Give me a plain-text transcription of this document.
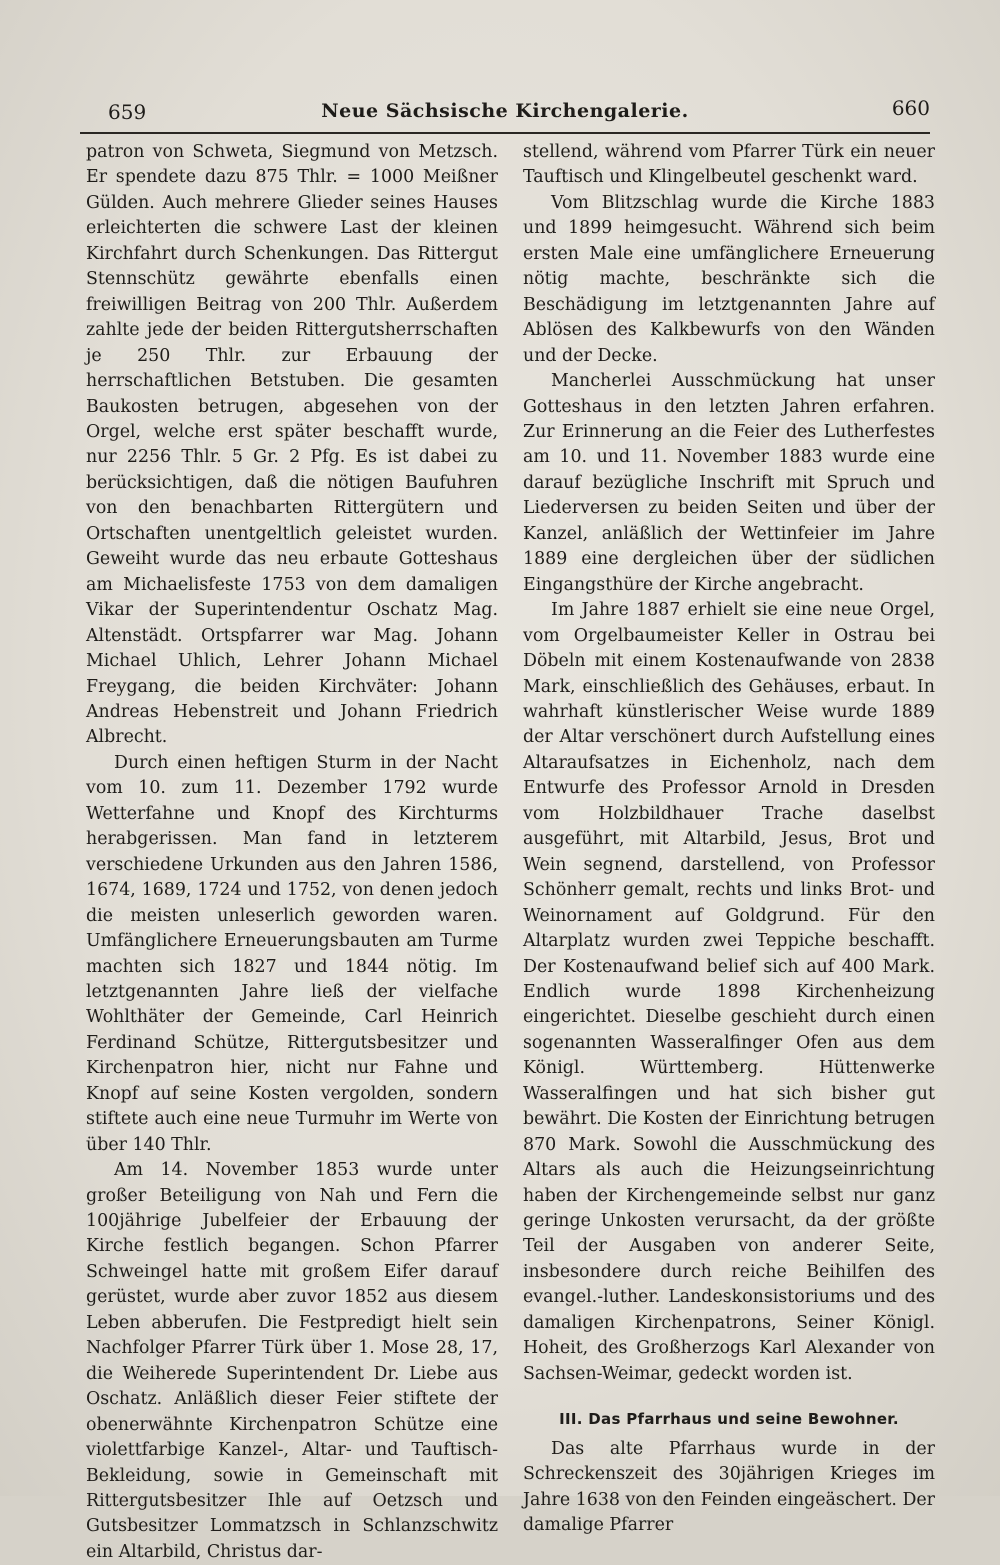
659	Neue Sächsische Kirchengalerie.	660

patron von Schweta, Siegmund von Metzsch. Er spendete dazu 875 Thlr. = 1000 Meißner Gülden. Auch mehrere Glieder seines Hauses erleichterten die schwere Last der kleinen Kirchfahrt durch Schenkungen. Das Rittergut Stennschütz gewährte ebenfalls einen freiwilligen Beitrag von 200 Thlr. Außerdem zahlte jede der beiden Rittergutsherrschaften je 250 Thlr. zur Erbauung der herrschaftlichen Betstuben. Die gesamten Baukosten betrugen, abgesehen von der Orgel, welche erst später beschafft wurde, nur 2256 Thlr. 5 Gr. 2 Pfg. Es ist dabei zu berücksichtigen, daß die nötigen Baufuhren von den benachbarten Rittergütern und Ortschaften unentgeltlich geleistet wurden. Geweiht wurde das neu erbaute Gotteshaus am Michaelisfeste 1753 von dem damaligen Vikar der Superintendentur Oschatz Mag. Altenstädt. Ortspfarrer war Mag. Johann Michael Uhlich, Lehrer Johann Michael Freygang, die beiden Kirchväter: Johann Andreas Hebenstreit und Johann Friedrich Albrecht.

Durch einen heftigen Sturm in der Nacht vom 10. zum 11. Dezember 1792 wurde Wetterfahne und Knopf des Kirchturms herabgerissen. Man fand in letzterem verschiedene Urkunden aus den Jahren 1586, 1674, 1689, 1724 und 1752, von denen jedoch die meisten unleserlich geworden waren. Umfänglichere Erneuerungsbauten am Turme machten sich 1827 und 1844 nötig. Im letztgenannten Jahre ließ der vielfache Wohlthäter der Gemeinde, Carl Heinrich Ferdinand Schütze, Rittergutsbesitzer und Kirchenpatron hier, nicht nur Fahne und Knopf auf seine Kosten vergolden, sondern stiftete auch eine neue Turmuhr im Werte von über 140 Thlr.

Am 14. November 1853 wurde unter großer Beteiligung von Nah und Fern die 100jährige Jubelfeier der Erbauung der Kirche festlich begangen. Schon Pfarrer Schweingel hatte mit großem Eifer darauf gerüstet, wurde aber zuvor 1852 aus diesem Leben abberufen. Die Festpredigt hielt sein Nachfolger Pfarrer Türk über 1. Mose 28, 17, die Weiherede Superintendent Dr. Liebe aus Oschatz. Anläßlich dieser Feier stiftete der obenerwähnte Kirchenpatron Schütze eine violettfarbige Kanzel-, Altar- und Tauftisch-Bekleidung, sowie in Gemeinschaft mit Rittergutsbesitzer Ihle auf Oetzsch und Gutsbesitzer Lommatzsch in Schlanzschwitz ein Altarbild, Christus dar-

stellend, während vom Pfarrer Türk ein neuer Tauftisch und Klingelbeutel geschenkt ward.

Vom Blitzschlag wurde die Kirche 1883 und 1899 heimgesucht. Während sich beim ersten Male eine umfänglichere Erneuerung nötig machte, beschränkte sich die Beschädigung im letztgenannten Jahre auf Ablösen des Kalkbewurfs von den Wänden und der Decke.

Mancherlei Ausschmückung hat unser Gotteshaus in den letzten Jahren erfahren. Zur Erinnerung an die Feier des Lutherfestes am 10. und 11. November 1883 wurde eine darauf bezügliche Inschrift mit Spruch und Liederversen zu beiden Seiten und über der Kanzel, anläßlich der Wettinfeier im Jahre 1889 eine dergleichen über der südlichen Eingangsthüre der Kirche angebracht.

Im Jahre 1887 erhielt sie eine neue Orgel, vom Orgelbaumeister Keller in Ostrau bei Döbeln mit einem Kostenaufwande von 2838 Mark, einschließlich des Gehäuses, erbaut. In wahrhaft künstlerischer Weise wurde 1889 der Altar verschönert durch Aufstellung eines Altaraufsatzes in Eichenholz, nach dem Entwurfe des Professor Arnold in Dresden vom Holzbildhauer Trache daselbst ausgeführt, mit Altarbild, Jesus, Brot und Wein segnend, darstellend, von Professor Schönherr gemalt, rechts und links Brot- und Weinornament auf Goldgrund. Für den Altarplatz wurden zwei Teppiche beschafft. Der Kostenaufwand belief sich auf 400 Mark. Endlich wurde 1898 Kirchenheizung eingerichtet. Dieselbe geschieht durch einen sogenannten Wasseralfinger Ofen aus dem Königl. Württemberg. Hüttenwerke Wasseralfingen und hat sich bisher gut bewährt. Die Kosten der Einrichtung betrugen 870 Mark. Sowohl die Ausschmückung des Altars als auch die Heizungseinrichtung haben der Kirchengemeinde selbst nur ganz geringe Unkosten verursacht, da der größte Teil der Ausgaben von anderer Seite, insbesondere durch reiche Beihilfen des evangel.-luther. Landeskonsistoriums und des damaligen Kirchenpatrons, Seiner Königl. Hoheit, des Großherzogs Karl Alexander von Sachsen-Weimar, gedeckt worden ist.

III. Das Pfarrhaus und seine Bewohner.

Das alte Pfarrhaus wurde in der Schreckenszeit des 30jährigen Krieges im Jahre 1638 von den Feinden eingeäschert. Der damalige Pfarrer
